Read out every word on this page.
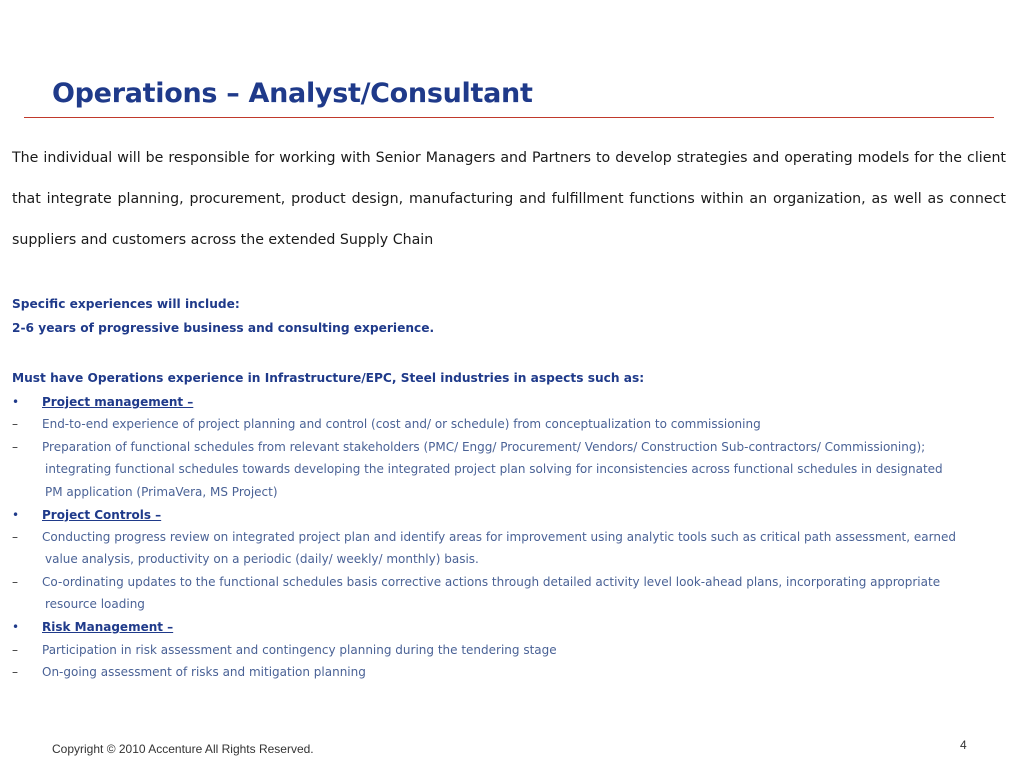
Operations – Analyst/Consultant

The individual will be responsible for working with Senior Managers and Partners to develop strategies and operating models for the client that integrate planning, procurement, product design, manufacturing and fulfillment functions within an organization, as well as connect suppliers and customers across the extended Supply Chain

Specific experiences will include:
2-6 years of progressive business and consulting experience.
Must have Operations experience in Infrastructure/EPC, Steel industries in aspects such as:
•	Project management –
–	End-to-end experience of project planning and control (cost and/ or schedule) from conceptualization to commissioning
–	Preparation of functional schedules from relevant stakeholders (PMC/ Engg/ Procurement/ Vendors/ Construction Sub-contractors/ Commissioning);
integrating functional schedules towards developing the integrated project plan solving for inconsistencies across functional schedules in designated
PM application (PrimaVera, MS Project)
•	Project Controls –
–	Conducting progress review on integrated project plan and identify areas for improvement using analytic tools such as critical path assessment, earned
value analysis, productivity on a periodic (daily/ weekly/ monthly) basis.
–	Co-ordinating updates to the functional schedules basis corrective actions through detailed activity level look-ahead plans, incorporating appropriate
resource loading
•	Risk Management –
–	Participation in risk assessment and contingency planning during the tendering stage
–	On-going assessment of risks and mitigation planning
Copyright © 2010 Accenture All Rights Reserved.	4
